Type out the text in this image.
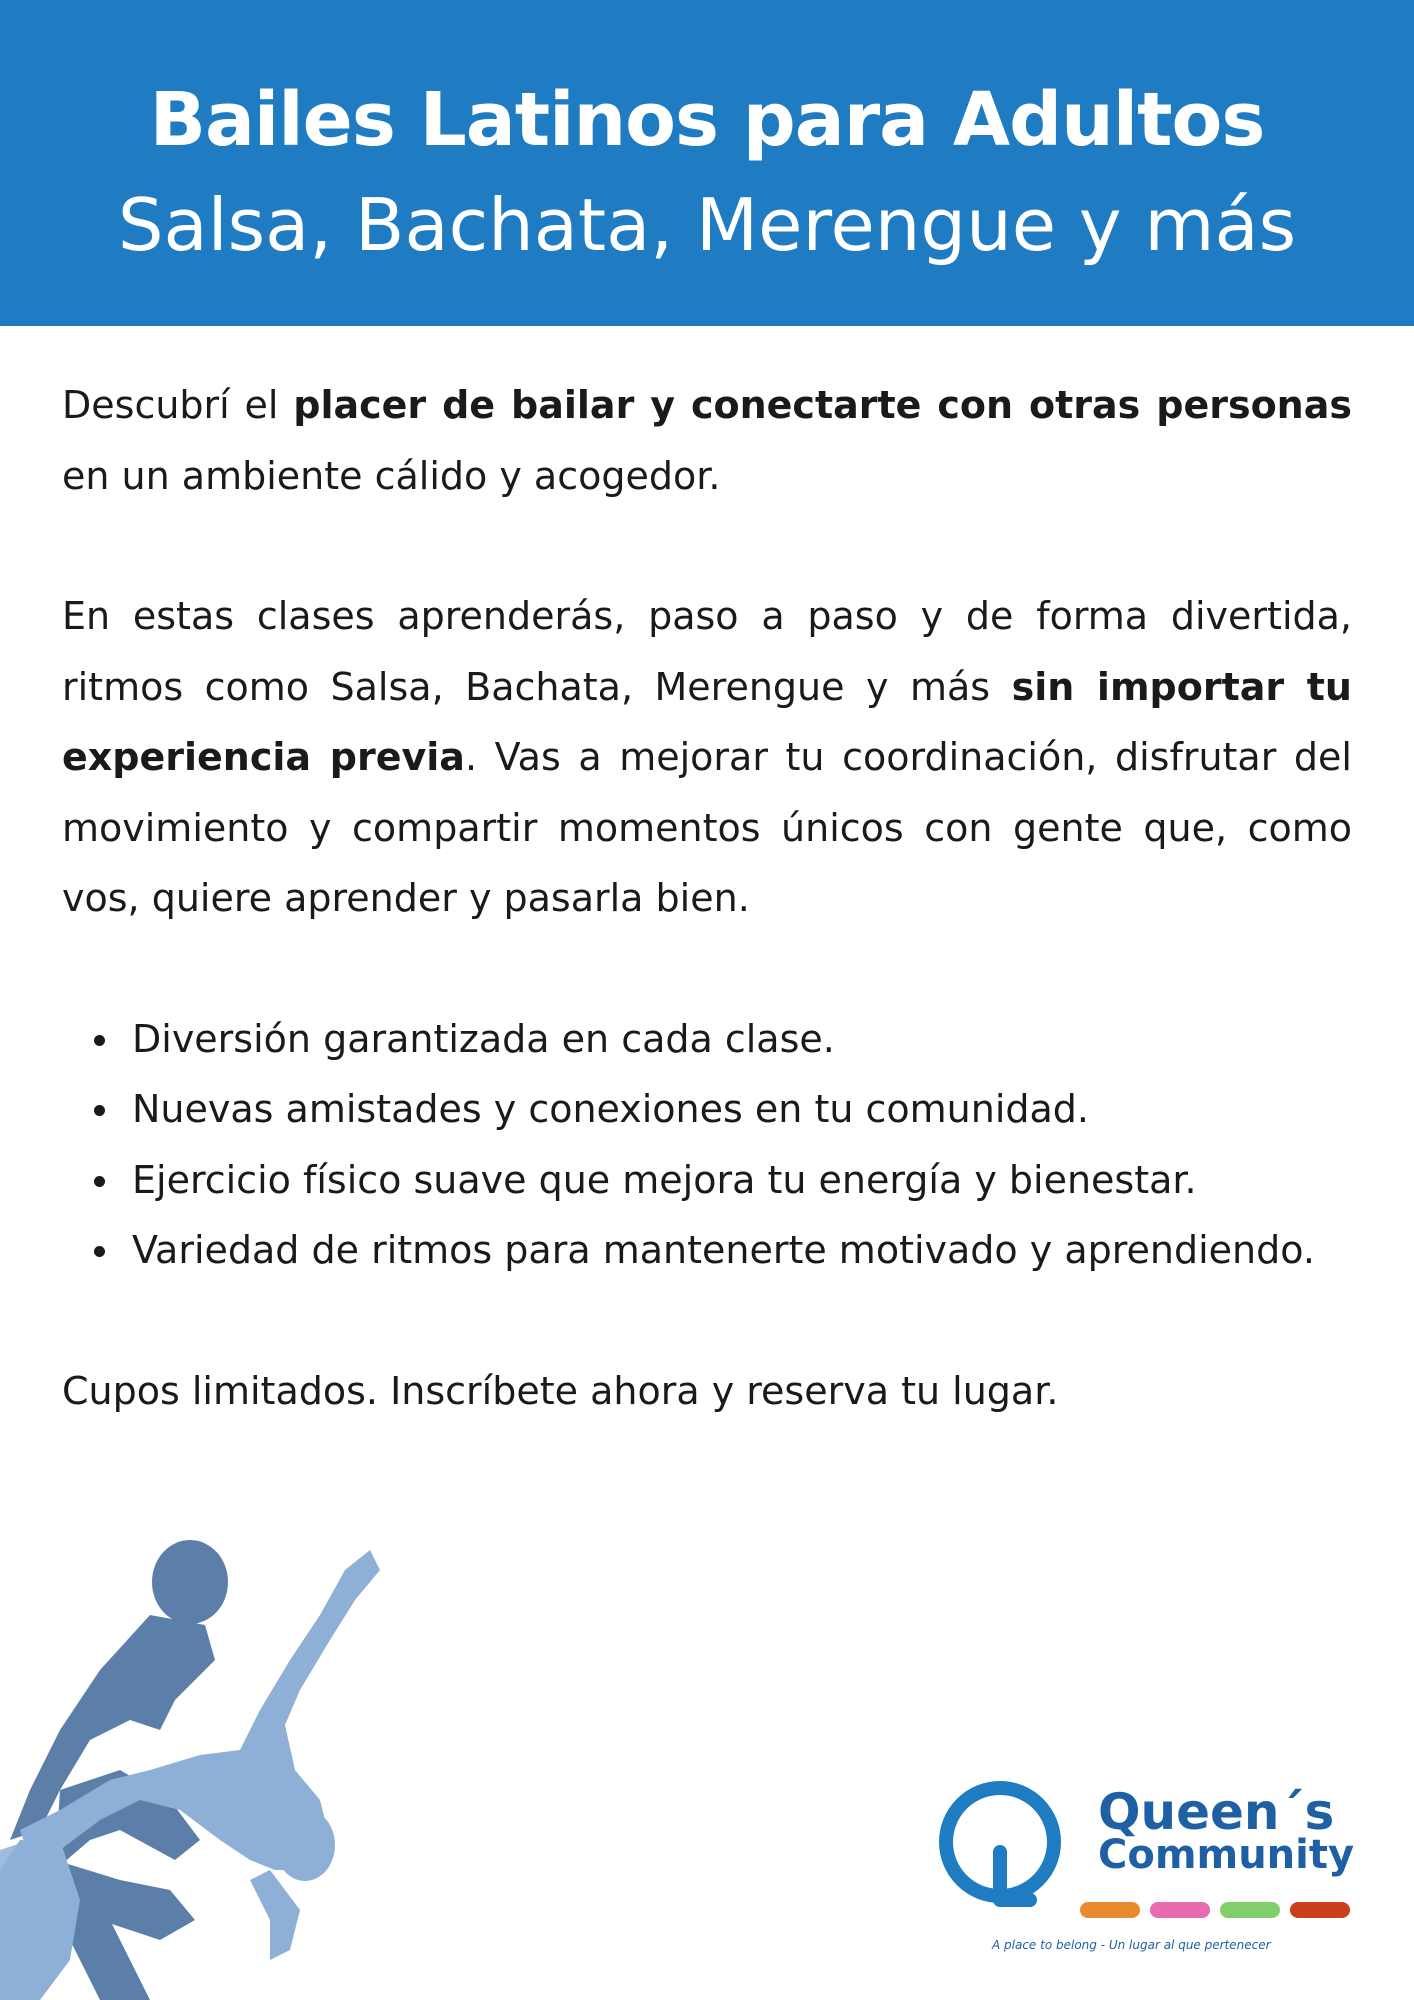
Bailes Latinos para Adultos
Salsa, Bachata, Merengue y más

Descubrí el placer de bailar y conectarte con otras personas en un ambiente cálido y acogedor.

En estas clases aprenderás, paso a paso y de forma divertida, ritmos como Salsa, Bachata, Merengue y más sin importar tu experiencia previa. Vas a mejorar tu coordinación, disfrutar del movimiento y compartir momentos únicos con gente que, como vos, quiere aprender y pasarla bien.

Diversión garantizada en cada clase.
Nuevas amistades y conexiones en tu comunidad.
Ejercicio físico suave que mejora tu energía y bienestar.
Variedad de ritmos para mantenerte motivado y aprendiendo.

Cupos limitados. Inscríbete ahora y reserva tu lugar.

Queen´s
Community
A place to belong - Un lugar al que pertenecer
